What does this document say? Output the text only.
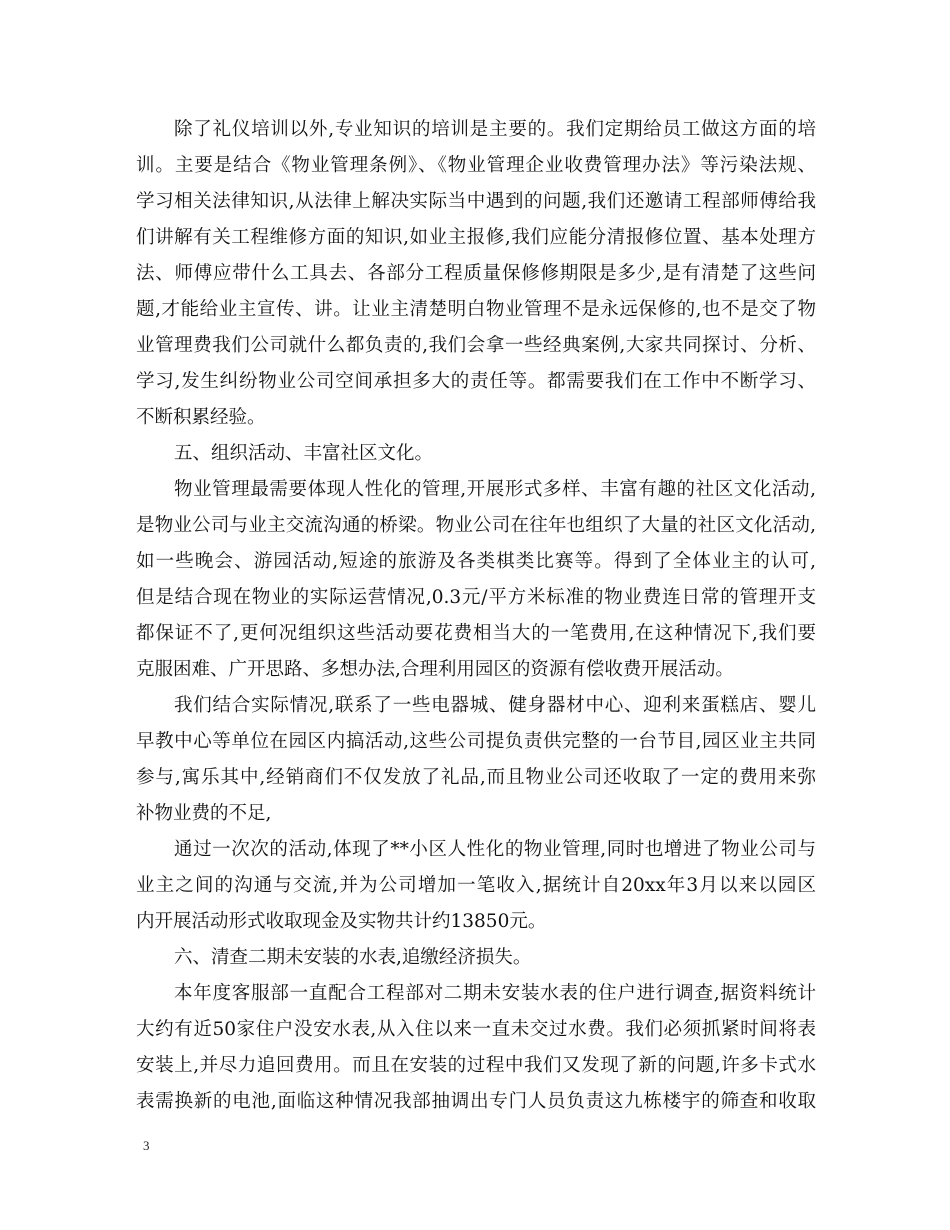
除了礼仪培训以外,专业知识的培训是主要的。我们定期给员工做这方面的培
训。主要是结合《物业管理条例》、《物业管理企业收费管理办法》等污染法规、
学习相关法律知识,从法律上解决实际当中遇到的问题,我们还邀请工程部师傅给我
们讲解有关工程维修方面的知识,如业主报修,我们应能分清报修位置、基本处理方
法、师傅应带什么工具去、各部分工程质量保修修期限是多少,是有清楚了这些问
题,才能给业主宣传、讲。让业主清楚明白物业管理不是永远保修的,也不是交了物
业管理费我们公司就什么都负责的,我们会拿一些经典案例,大家共同探讨、分析、
学习,发生纠纷物业公司空间承担多大的责任等。都需要我们在工作中不断学习、
不断积累经验。
五、组织活动、丰富社区文化。
物业管理最需要体现人性化的管理,开展形式多样、丰富有趣的社区文化活动,
是物业公司与业主交流沟通的桥梁。物业公司在往年也组织了大量的社区文化活动,
如一些晚会、游园活动,短途的旅游及各类棋类比赛等。得到了全体业主的认可,
但是结合现在物业的实际运营情况,0.3元/平方米标准的物业费连日常的管理开支
都保证不了,更何况组织这些活动要花费相当大的一笔费用,在这种情况下,我们要
克服困难、广开思路、多想办法,合理利用园区的资源有偿收费开展活动。
我们结合实际情况,联系了一些电器城、健身器材中心、迎利来蛋糕店、婴儿
早教中心等单位在园区内搞活动,这些公司提负责供完整的一台节目,园区业主共同
参与,寓乐其中,经销商们不仅发放了礼品,而且物业公司还收取了一定的费用来弥
补物业费的不足,
通过一次次的活动,体现了**小区人性化的物业管理,同时也增进了物业公司与
业主之间的沟通与交流,并为公司增加一笔收入,据统计自20xx年3月以来以园区
内开展活动形式收取现金及实物共计约13850元。
六、清查二期未安装的水表,追缴经济损失。
本年度客服部一直配合工程部对二期未安装水表的住户进行调查,据资料统计
大约有近50家住户没安水表,从入住以来一直未交过水费。我们必须抓紧时间将表
安装上,并尽力追回费用。而且在安装的过程中我们又发现了新的问题,许多卡式水
表需换新的电池,面临这种情况我部抽调出专门人员负责这九栋楼宇的筛查和收取
3
